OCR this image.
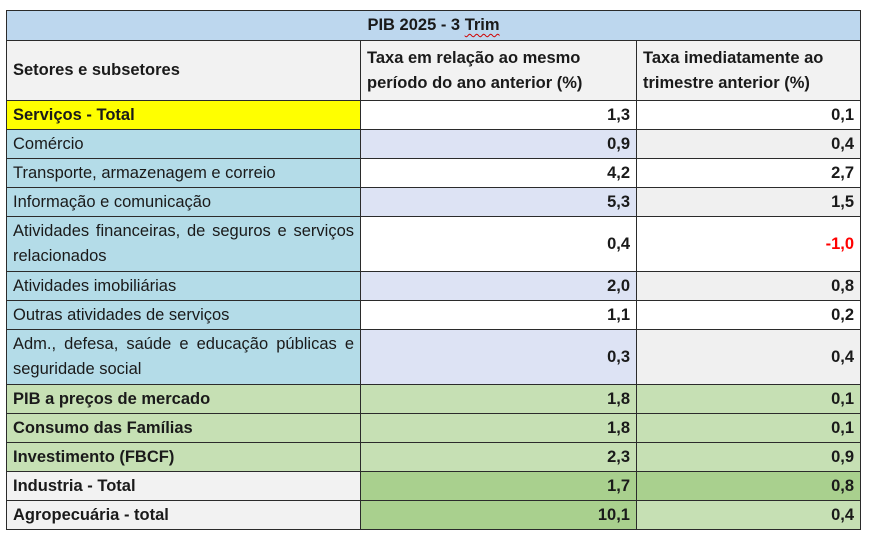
PIB 2025 - 3 Trim		
Setores e subsetores	Taxa em relação ao mesmo período do ano anterior (%)	Taxa imediatamente ao trimestre anterior (%)
Serviços - Total	1,3	0,1
Comércio	0,9	0,4
Transporte, armazenagem e correio	4,2	2,7
Informação e comunicação	5,3	1,5
Atividades financeiras, de seguros e serviços relacionados	0,4	-1,0
Atividades imobiliárias	2,0	0,8
Outras atividades de serviços	1,1	0,2
Adm., defesa, saúde e educação públicas e seguridade social	0,3	0,4
PIB a preços de mercado	1,8	0,1
Consumo das Famílias	1,8	0,1
Investimento (FBCF)	2,3	0,9
Industria - Total	1,7	0,8
Agropecuária - total	10,1	0,4
